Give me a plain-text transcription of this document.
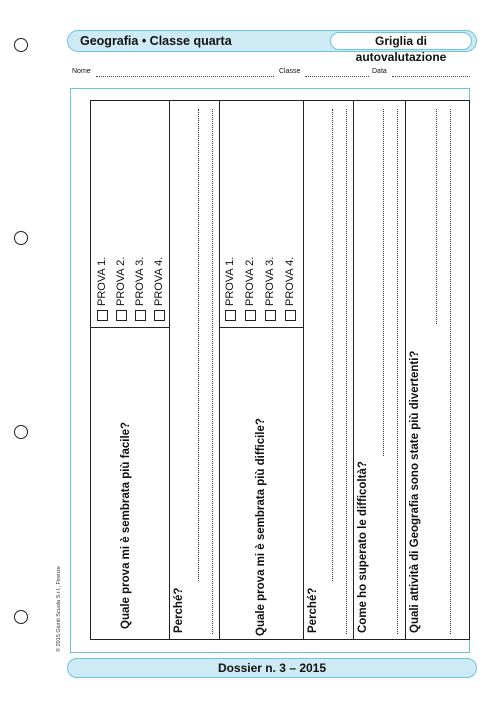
Geografia • Classe quarta	Griglia di autovalutazione
Nome	Classe	Data
Quale prova mi è sembrata più facile?
PROVA 1. PROVA 2. PROVA 3. PROVA 4.
Perché?	Quale prova mi è sembrata più difficile?
PROVA 1. PROVA 2. PROVA 3. PROVA 4.
Perché?	Come ho superato le difficoltà?	Quali attività di Geografia sono state più divertenti?
© 2015 Giunti Scuola S.r.l., Firenze
Dossier n. 3 – 2015
